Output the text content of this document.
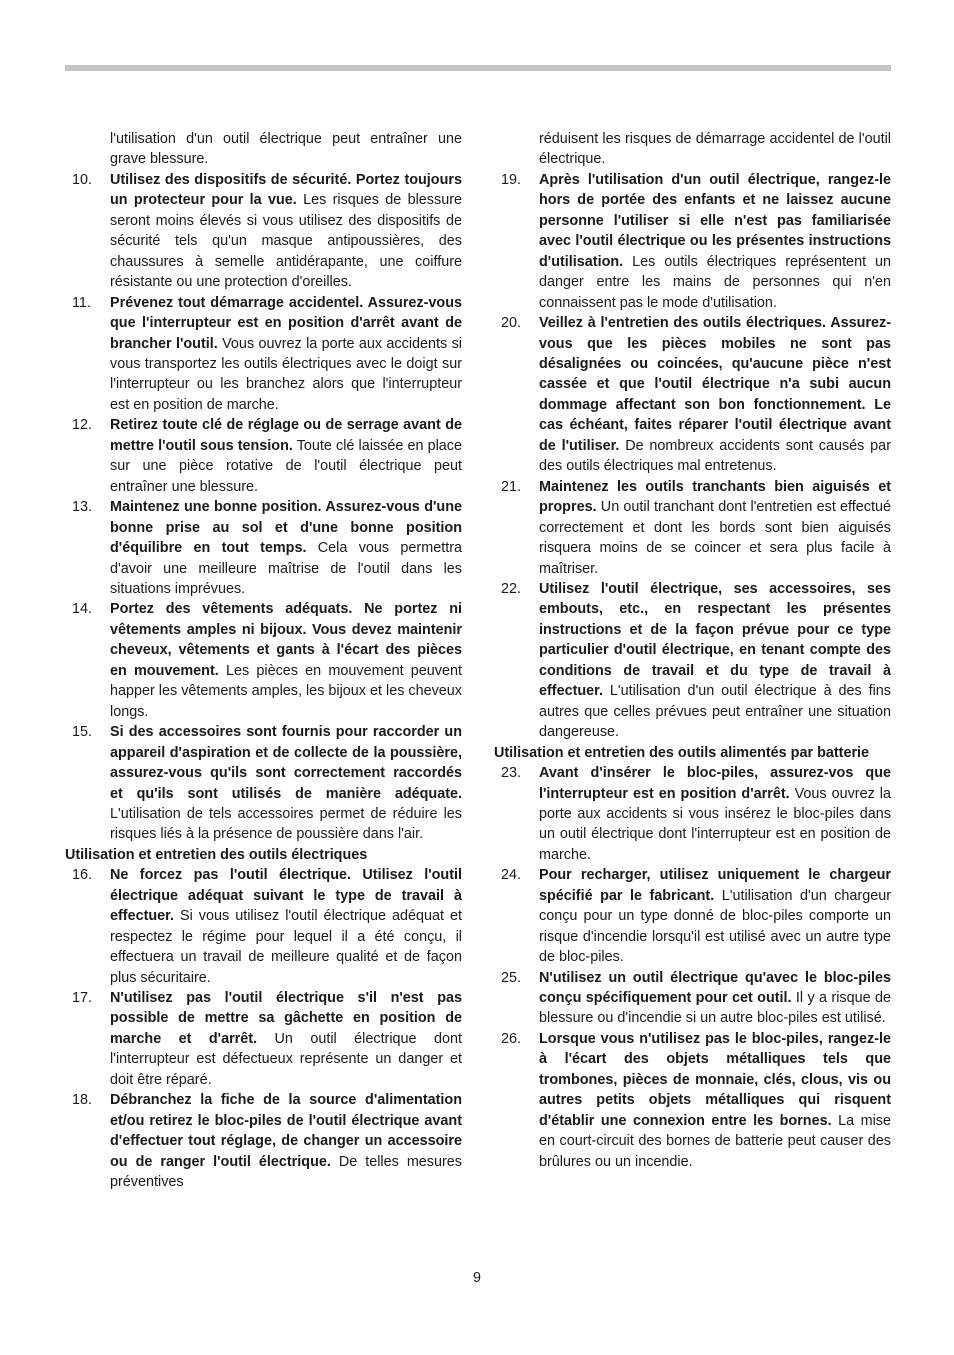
l'utilisation d'un outil électrique peut entraîner une grave blessure.
10.	Utilisez des dispositifs de sécurité. Portez toujours un protecteur pour la vue. Les risques de blessure seront moins élevés si vous utilisez des dispositifs de sécurité tels qu'un masque antipoussières, des chaussures à semelle antidérapante, une coiffure résistante ou une protection d'oreilles.
11.	Prévenez tout démarrage accidentel. Assurez-vous que l'interrupteur est en position d'arrêt avant de brancher l'outil. Vous ouvrez la porte aux accidents si vous transportez les outils électriques avec le doigt sur l'interrupteur ou les branchez alors que l'interrupteur est en position de marche.
12.	Retirez toute clé de réglage ou de serrage avant de mettre l'outil sous tension. Toute clé laissée en place sur une pièce rotative de l'outil électrique peut entraîner une blessure.
13.	Maintenez une bonne position. Assurez-vous d'une bonne prise au sol et d'une bonne position d'équilibre en tout temps. Cela vous permettra d'avoir une meilleure maîtrise de l'outil dans les situations imprévues.
14.	Portez des vêtements adéquats. Ne portez ni vêtements amples ni bijoux. Vous devez maintenir cheveux, vêtements et gants à l'écart des pièces en mouvement. Les pièces en mouvement peuvent happer les vêtements amples, les bijoux et les cheveux longs.
15.	Si des accessoires sont fournis pour raccorder un appareil d'aspiration et de collecte de la poussière, assurez-vous qu'ils sont correctement raccordés et qu'ils sont utilisés de manière adéquate. L'utilisation de tels accessoires permet de réduire les risques liés à la présence de poussière dans l'air.
Utilisation et entretien des outils électriques
16.	Ne forcez pas l'outil électrique. Utilisez l'outil électrique adéquat suivant le type de travail à effectuer. Si vous utilisez l'outil électrique adéquat et respectez le régime pour lequel il a été conçu, il effectuera un travail de meilleure qualité et de façon plus sécuritaire.
17.	N'utilisez pas l'outil électrique s'il n'est pas possible de mettre sa gâchette en position de marche et d'arrêt. Un outil électrique dont l'interrupteur est défectueux représente un danger et doit être réparé.
18.	Débranchez la fiche de la source d'alimentation et/ou retirez le bloc-piles de l'outil électrique avant d'effectuer tout réglage, de changer un accessoire ou de ranger l'outil électrique. De telles mesures préventives
réduisent les risques de démarrage accidentel de l'outil électrique.
19.	Après l'utilisation d'un outil électrique, rangez-le hors de portée des enfants et ne laissez aucune personne l'utiliser si elle n'est pas familiarisée avec l'outil électrique ou les présentes instructions d'utilisation. Les outils électriques représentent un danger entre les mains de personnes qui n'en connaissent pas le mode d'utilisation.
20.	Veillez à l'entretien des outils électriques. Assurez-vous que les pièces mobiles ne sont pas désalignées ou coincées, qu'aucune pièce n'est cassée et que l'outil électrique n'a subi aucun dommage affectant son bon fonctionnement. Le cas échéant, faites réparer l'outil électrique avant de l'utiliser. De nombreux accidents sont causés par des outils électriques mal entretenus.
21.	Maintenez les outils tranchants bien aiguisés et propres. Un outil tranchant dont l'entretien est effectué correctement et dont les bords sont bien aiguisés risquera moins de se coincer et sera plus facile à maîtriser.
22.	Utilisez l'outil électrique, ses accessoires, ses embouts, etc., en respectant les présentes instructions et de la façon prévue pour ce type particulier d'outil électrique, en tenant compte des conditions de travail et du type de travail à effectuer. L'utilisation d'un outil électrique à des fins autres que celles prévues peut entraîner une situation dangereuse.
Utilisation et entretien des outils alimentés par batterie
23.	Avant d'insérer le bloc-piles, assurez-vos que l'interrupteur est en position d'arrêt. Vous ouvrez la porte aux accidents si vous insérez le bloc-piles dans un outil électrique dont l'interrupteur est en position de marche.
24.	Pour recharger, utilisez uniquement le chargeur spécifié par le fabricant. L'utilisation d'un chargeur conçu pour un type donné de bloc-piles comporte un risque d'incendie lorsqu'il est utilisé avec un autre type de bloc-piles.
25.	N'utilisez un outil électrique qu'avec le bloc-piles conçu spécifiquement pour cet outil. Il y a risque de blessure ou d'incendie si un autre bloc-piles est utilisé.
26.	Lorsque vous n'utilisez pas le bloc-piles, rangez-le à l'écart des objets métalliques tels que trombones, pièces de monnaie, clés, clous, vis ou autres petits objets métalliques qui risquent d'établir une connexion entre les bornes. La mise en court-circuit des bornes de batterie peut causer des brûlures ou un incendie.
9
